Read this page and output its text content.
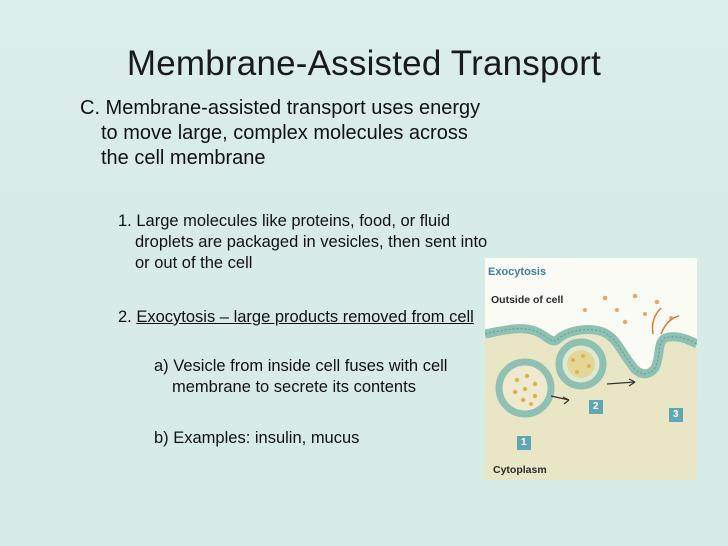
Membrane-Assisted Transport
C. Membrane-assisted transport uses energy to move large, complex molecules across the cell membrane
1. Large molecules like proteins, food, or fluid droplets are packaged in vesicles, then sent into or out of the cell
2. Exocytosis – large products removed from cell
a) Vesicle from inside cell fuses with cell membrane to secrete its contents
b) Examples: insulin, mucus
Exocytosis
Outside of cell
Cytoplasm
1
2
3
